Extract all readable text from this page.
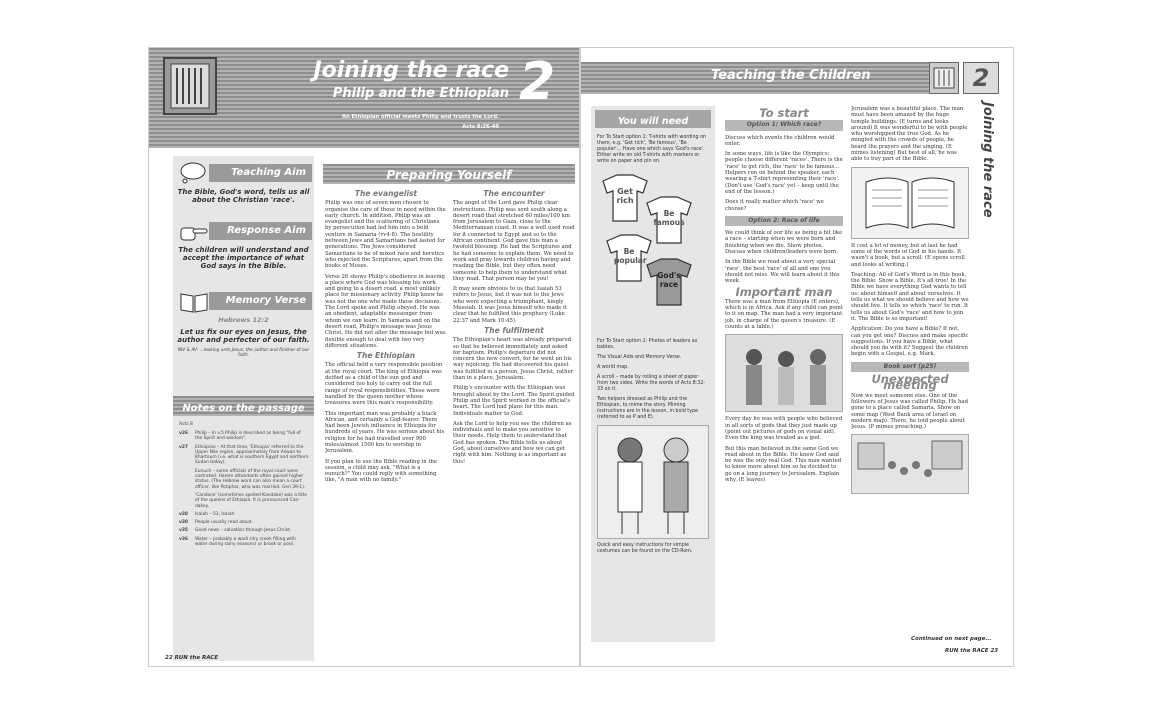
Joining the race
Philip and the Ethiopian 2
An Ethiopian official meets Philip and trusts the Lord.
Acts 8:26-40
Teaching Aim
The Bible, God's word, tells us all about the Christian 'race'.
Response Aim
The children will understand and accept the importance of what God says in the Bible.
Memory Verse
Hebrews 12:2
Let us fix our eyes on Jesus, the author and perfecter of our faith.
NIV & AV: ...looking unto Jesus, the author and finisher of our faith.
Notes on the passage
Acts 8
v26	Philip – In v.5 Philip is described as being "full of the Spirit and wisdom".
v27	Ethiopian – At that time, 'Ethiopia' referred to the Upper Nile region, approximately from Aswan to Khartoum (i.e. what is southern Egypt and northern Sudan today).
Eunuch – some officials of the royal court were castrated. Harem attendants often gained higher status. (The Hebrew word can also mean a court officer, like Potiphar, who was married. Gen 39:1).
'Candace' (sometimes spelled Kandake) was a title of the queens of Ethiopia. It is pronounced Can-dakey.
v28	Isaiah – 53, Isaiah.
v30	People usually read aloud.
v35	Good news – salvation through Jesus Christ.
v36	Water – probably a wadi (dry creek filling with water during rainy seasons) or brook or pool.
Preparing Yourself
The evangelist

Philip was one of seven men chosen to organise the care of those in need within the early church. In addition, Philip was an evangelist and the scattering of Christians by persecution had led him into a bold venture in Samaria (vv4-8). The hostility between Jews and Samaritans had lasted for generations. The Jews considered Samaritans to be of mixed race and heretics who rejected the Scriptures, apart from the books of Moses.

Verse 26 shows Philip's obedience in leaving a place where God was blessing his work and going to a desert road, a most unlikely place for missionary activity. Philip knew he was not the one who made these decisions. The Lord spoke and Philip obeyed. He was an obedient, adaptable messenger from whom we can learn. In Samaria and on the desert road, Philip's message was Jesus Christ. He did not alter the message but was flexible enough to deal with two very different situations.

The Ethiopian

The official held a very responsible position at the royal court. The king of Ethiopia was deified as a child of the sun god and considered too holy to carry out the full range of royal responsibilities. These were handled by the queen mother whose treasures were this man's responsibility.

This important man was probably a black African, and certainly a God-fearer. There had been Jewish influence in Ethiopia for hundreds of years. He was serious about his religion for he had travelled over 900 miles/almost 1500 km to worship in Jerusalem.

If you plan to use the Bible reading in the session, a child may ask, "What is a eunuch?" You could reply with something like, "A man with no family."

The encounter

The angel of the Lord gave Philip clear instructions. Philip was sent south along a desert road that stretched 60 miles/100 km from Jerusalem to Gaza, close to the Mediterranean coast. It was a well used road for it connected to Egypt and so to the African continent. God gave this man a twofold blessing. He had the Scriptures and he had someone to explain them. We need to work and pray towards children having and reading the Bible, but they often need someone to help them to understand what they read. That person may be you!

It may seem obvious to us that Isaiah 53 refers to Jesus, but it was not to the Jews who were expecting a triumphant, kingly Messiah. It was Jesus himself who made it clear that he fulfilled this prophecy (Luke 22:37 and Mark 10:45).

The fulfilment

The Ethiopian's heart was already prepared so that he believed immediately and asked for baptism. Philip's departure did not concern the new convert, for he went on his way rejoicing. He had discovered his quest was fulfilled in a person, Jesus Christ, rather than in a place, Jerusalem.

Philip's encounter with the Ethiopian was brought about by the Lord. The Spirit guided Philip and the Spirit worked in the official's heart. The Lord had plans for this man. Individuals matter to God.

Ask the Lord to help you see the children as individuals and to make you sensitive to their needs. Help them to understand that God has spoken. The Bible tells us about God, about ourselves and how we can get right with him. Nothing is as important as this!

22 RUN the RACE
Teaching the Children	2
Joining the race
You will need
For To Start option 1: T-shirts with wording on them, e.g. 'Get rich', 'Be famous', 'Be popular'... Have one which says 'God's race'. Either write on old T-shirts with markers or write on paper and pin on.
Get rich
Be famous
Be popular
God's race
For To Start option 2: Photos of leaders as babies.
The Visual Aids and Memory Verse.
A world map.
A scroll – made by rolling a sheet of paper from two sides. Write the words of Acts 8:32-33 on it.
Two helpers dressed as Philip and the Ethiopian, to mime the story. Miming instructions are in the lesson, in bold type (referred to as P and E).
Quick and easy instructions for simple costumes can be found on the CD-Rom.
To start
Option 1: Which race?

Discuss which events the children would enter.

In some ways, life is like the Olympics; people choose different 'races'. There is the 'race' to get rich, the 'race' to be famous... Helpers run on behind the speaker, each wearing a T-shirt representing their 'race'. (Don't use 'God's race' yet – keep until the end of the lesson.)

Does it really matter which 'race' we choose?

Option 2: Race of life

We could think of our life as being a bit like a race – starting when we were born and finishing when we die. Show photos. Discuss when children/leaders were born.

In the Bible we read about a very special 'race', the best 'race' of all and one you should not miss. We will learn about it this week.

Important man

There was a man from Ethiopia (E enters), which is in Africa. Ask if any child can point to it on map. The man had a very important job, in charge of the queen's treasure. (E counts at a table.)

Every day he was with people who believed in all sorts of gods that they just made up (point out pictures of gods on visual aid). Even the king was treated as a god.

But this man believed in the same God we read about in the Bible. He knew God said he was the only real God. This man wanted to know more about him so he decided to go on a long journey to Jerusalem. Explain why. (E leaves)

Jerusalem was a beautiful place. The man must have been amazed by the huge temple buildings. (E turns and looks around) It was wonderful to be with people who worshipped the true God. As he mingled with the crowds of people, he heard the prayers and the singing. (E mimes listening) But best of all, he was able to buy part of the Bible.

It cost a lot of money, but at last he had some of the words of God in his hands. It wasn't a book, but a scroll. (E opens scroll and looks at writing.)

Teaching: All of God's Word is in this book, the Bible. Show a Bible. It's all true! In the Bible we have everything God wants to tell us: about himself and about ourselves. It tells us what we should believe and how we should live. It tells us which 'race' to run. It tells us about God's 'race' and how to join it. The Bible is so important!

Application: Do you have a Bible? If not, can you get one? Discuss and make specific suggestions. If you have a Bible, what should you do with it? Suggest the children begin with a Gospel, e.g. Mark.

Book sort (p25)
Unexpected meeting

Now we meet someone else. One of the followers of Jesus was called Philip. He had gone to a place called Samaria. Show on some map (West Bank area of Israel on modern map). There, he told people about Jesus. (P mimes preaching.)

Continued on next page...
RUN the RACE 23
